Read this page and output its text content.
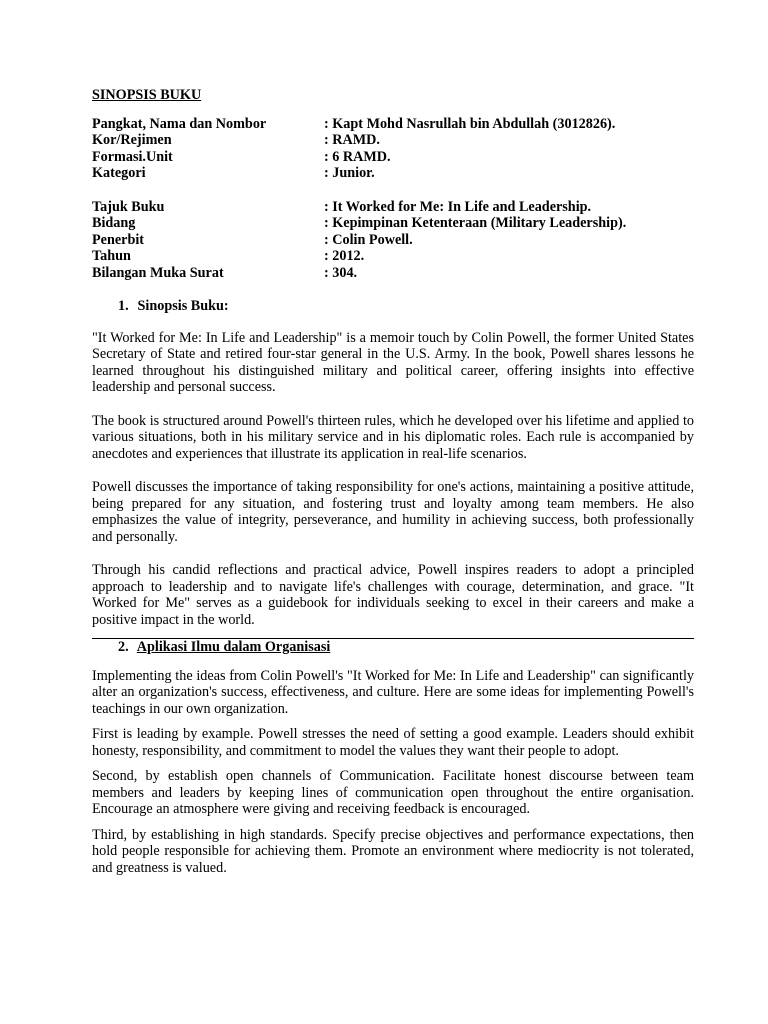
SINOPSIS BUKU
Pangkat, Nama dan Nombor	: Kapt Mohd Nasrullah bin Abdullah (3012826).
Kor/Rejimen	: RAMD.
Formasi.Unit	: 6 RAMD.
Kategori	: Junior.
Tajuk Buku	: It Worked for Me: In Life and Leadership.
Bidang	: Kepimpinan Ketenteraan (Military Leadership).
Penerbit	: Colin Powell.
Tahun	: 2012.
Bilangan Muka Surat	: 304.
1. Sinopsis Buku:

"It Worked for Me: In Life and Leadership" is a memoir touch by Colin Powell, the former United States Secretary of State and retired four-star general in the U.S. Army. In the book, Powell shares lessons he learned throughout his distinguished military and political career, offering insights into effective leadership and personal success.

The book is structured around Powell's thirteen rules, which he developed over his lifetime and applied to various situations, both in his military service and in his diplomatic roles. Each rule is accompanied by anecdotes and experiences that illustrate its application in real-life scenarios.

Powell discusses the importance of taking responsibility for one's actions, maintaining a positive attitude, being prepared for any situation, and fostering trust and loyalty among team members. He also emphasizes the value of integrity, perseverance, and humility in achieving success, both professionally and personally.

Through his candid reflections and practical advice, Powell inspires readers to adopt a principled approach to leadership and to navigate life's challenges with courage, determination, and grace. "It Worked for Me" serves as a guidebook for individuals seeking to excel in their careers and make a positive impact in the world.

2. Aplikasi Ilmu dalam Organisasi

Implementing the ideas from Colin Powell's "It Worked for Me: In Life and Leadership" can significantly alter an organization's success, effectiveness, and culture. Here are some ideas for implementing Powell's teachings in our own organization.

First is leading by example. Powell stresses the need of setting a good example. Leaders should exhibit honesty, responsibility, and commitment to model the values they want their people to adopt.

Second, by establish open channels of Communication. Facilitate honest discourse between team members and leaders by keeping lines of communication open throughout the entire organisation. Encourage an atmosphere were giving and receiving feedback is encouraged.

Third, by establishing in high standards. Specify precise objectives and performance expectations, then hold people responsible for achieving them. Promote an environment where mediocrity is not tolerated, and greatness is valued.
